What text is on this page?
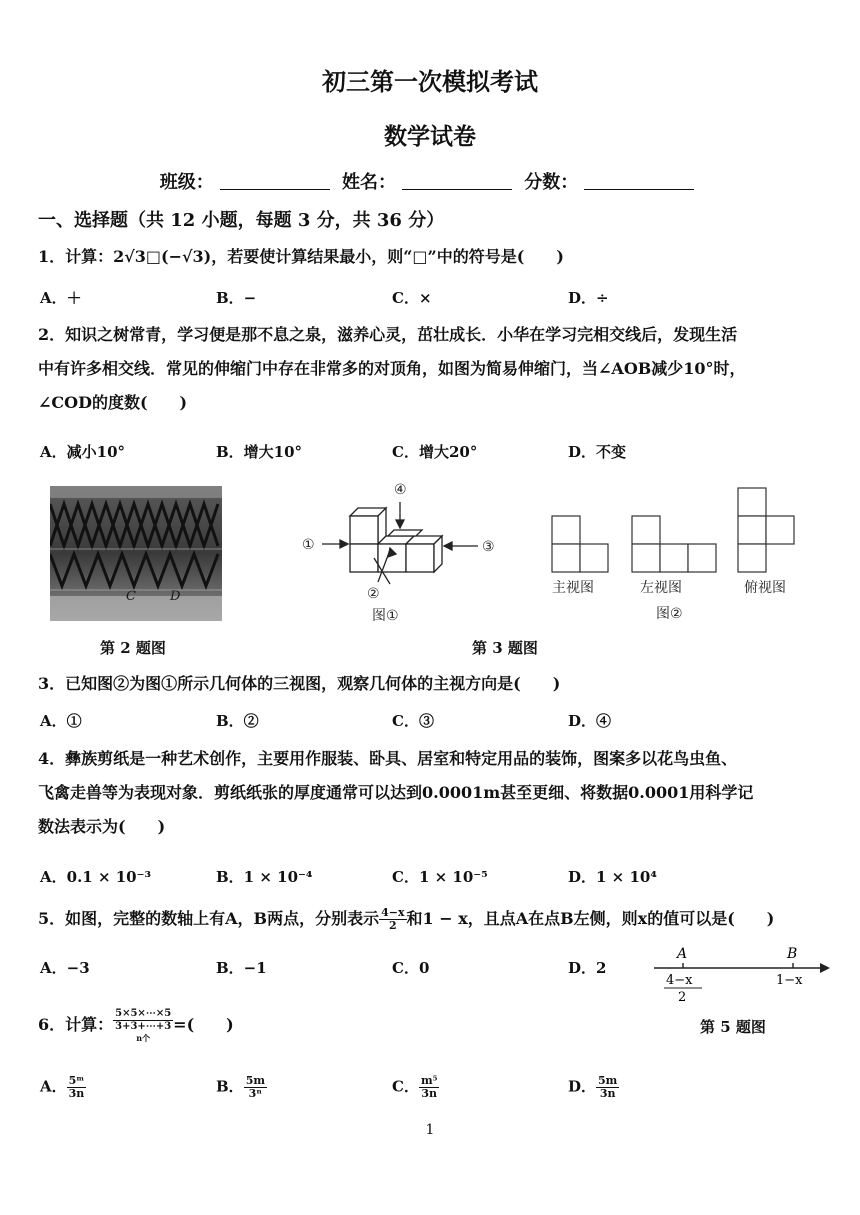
初三第一次模拟考试
数学试卷
班级：	姓名：	分数：
一、选择题（共 12 小题，每题 3 分，共 36 分）
1．计算：2√3□(−√3)，若要使计算结果最小，则“□”中的符号是(　　)
A．＋	B．−	C．×	D．÷
2．知识之树常青，学习便是那不息之泉，滋养心灵，茁壮成长．小华在学习完相交线后，发现生活
中有许多相交线．常见的伸缩门中存在非常多的对顶角，如图为简易伸缩门，当∠AOB减少10°时，
∠COD的度数(　　)
A．减小10°	B．增大10°	C．增大20°	D．不变
C	D
第 2 题图
①
②
③
④
图①
主视图	左视图	俯视图
图②
第 3 题图
3．已知图②为图①所示几何体的三视图，观察几何体的主视方向是(　　)
A．①	B．②	C．③	D．④
4．彝族剪纸是一种艺术创作，主要用作服装、卧具、居室和特定用品的装饰，图案多以花鸟虫鱼、
飞禽走兽等为表现对象．剪纸纸张的厚度通常可以达到0.0001m甚至更细、将数据0.0001用科学记
数法表示为(　　)
A．0.1 × 10⁻³	B．1 × 10⁻⁴	C．1 × 10⁻⁵	D．1 × 10⁴
5．如图，完整的数轴上有A，B两点，分别表示 $\frac{4-x}{2}$ 和1 − x，且点A在点B左侧，则x的值可以是(　　)
A．−3	B．−1	C．0	D．2
A	B
4−x
2
1−x
第 5 题图
6．计算：
5×5×⋯×5
3+3+⋯+3
n个
=(　　)
A． $\frac{\text{5ᵐ}}{3n}$	B． $\frac{5m}{\text{3ⁿ}}$	C． $\frac{\text{m⁵}}{3n}$	D． $\frac{5m}{3n}$
1
